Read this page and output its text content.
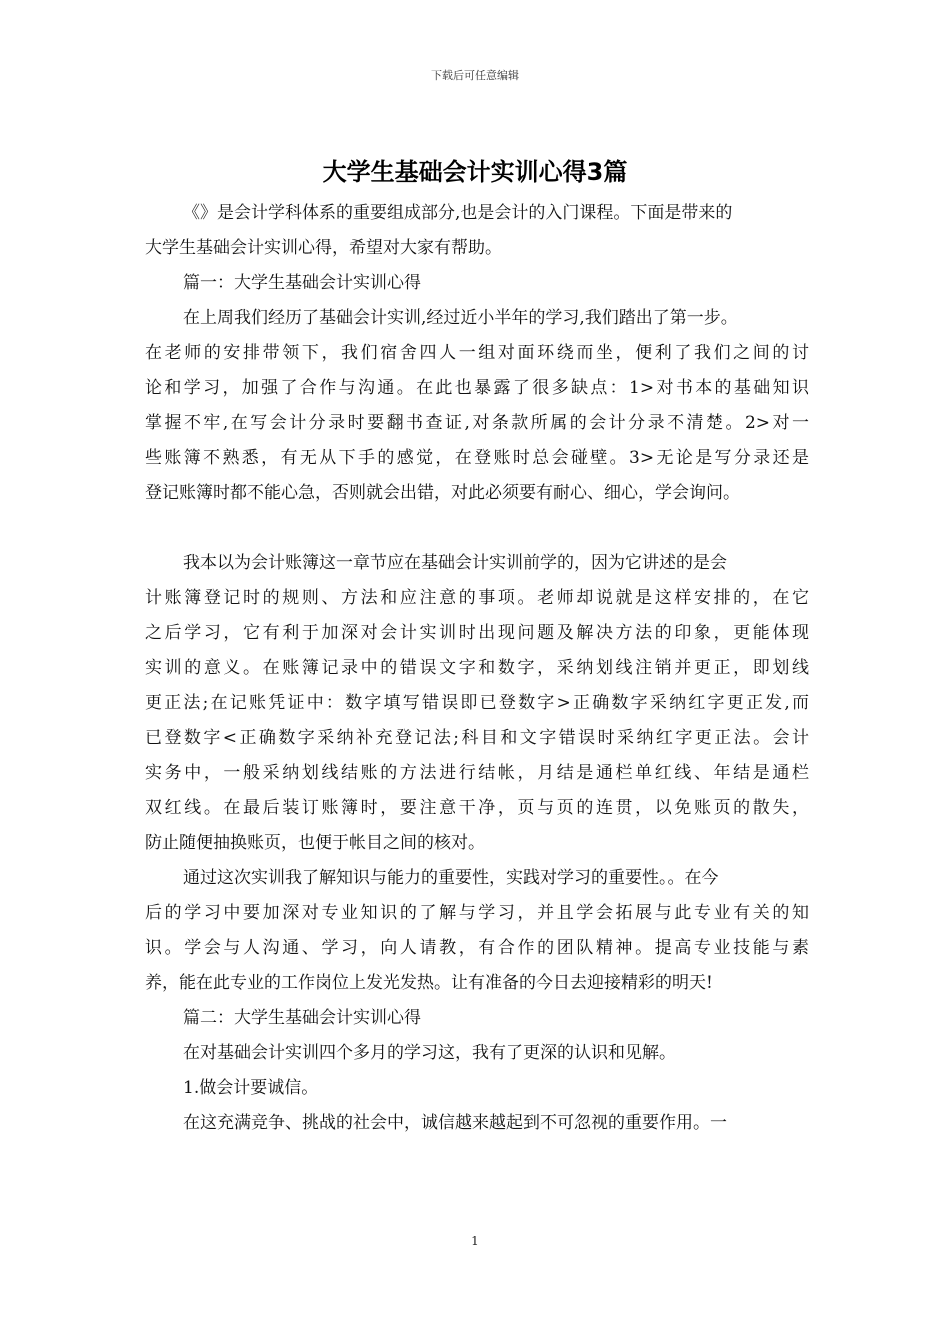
下载后可任意编辑
大学生基础会计实训心得3篇
《》是会计学科体系的重要组成部分,也是会计的入门课程。下面是带来的
大学生基础会计实训心得，希望对大家有帮助。
篇一：大学生基础会计实训心得
在上周我们经历了基础会计实训,经过近小半年的学习,我们踏出了第一步。
在老师的安排带领下，我们宿舍四人一组对面环绕而坐，便利了我们之间的讨
论和学习，加强了合作与沟通。在此也暴露了很多缺点：1>对书本的基础知识
掌握不牢,在写会计分录时要翻书查证,对条款所属的会计分录不清楚。2>对一
些账簿不熟悉，有无从下手的感觉，在登账时总会碰壁。3>无论是写分录还是
登记账簿时都不能心急，否则就会出错，对此必须要有耐心、细心，学会询问。
我本以为会计账簿这一章节应在基础会计实训前学的，因为它讲述的是会
计账簿登记时的规则、方法和应注意的事项。老师却说就是这样安排的，在它
之后学习，它有利于加深对会计实训时出现问题及解决方法的印象，更能体现
实训的意义。在账簿记录中的错误文字和数字，采纳划线注销并更正，即划线
更正法;在记账凭证中：数字填写错误即已登数字>正确数字采纳红字更正发,而
已登数字<正确数字采纳补充登记法;科目和文字错误时采纳红字更正法。会计
实务中，一般采纳划线结账的方法进行结帐，月结是通栏单红线、年结是通栏
双红线。在最后装订账簿时，要注意干净，页与页的连贯，以免账页的散失，
防止随便抽换账页，也便于帐目之间的核对。
通过这次实训我了解知识与能力的重要性，实践对学习的重要性。。在今
后的学习中要加深对专业知识的了解与学习，并且学会拓展与此专业有关的知
识。学会与人沟通、学习，向人请教，有合作的团队精神。提高专业技能与素
养，能在此专业的工作岗位上发光发热。让有准备的今日去迎接精彩的明天!
篇二：大学生基础会计实训心得
在对基础会计实训四个多月的学习这，我有了更深的认识和见解。
1.做会计要诚信。
在这充满竞争、挑战的社会中，诚信越来越起到不可忽视的重要作用。一
1
